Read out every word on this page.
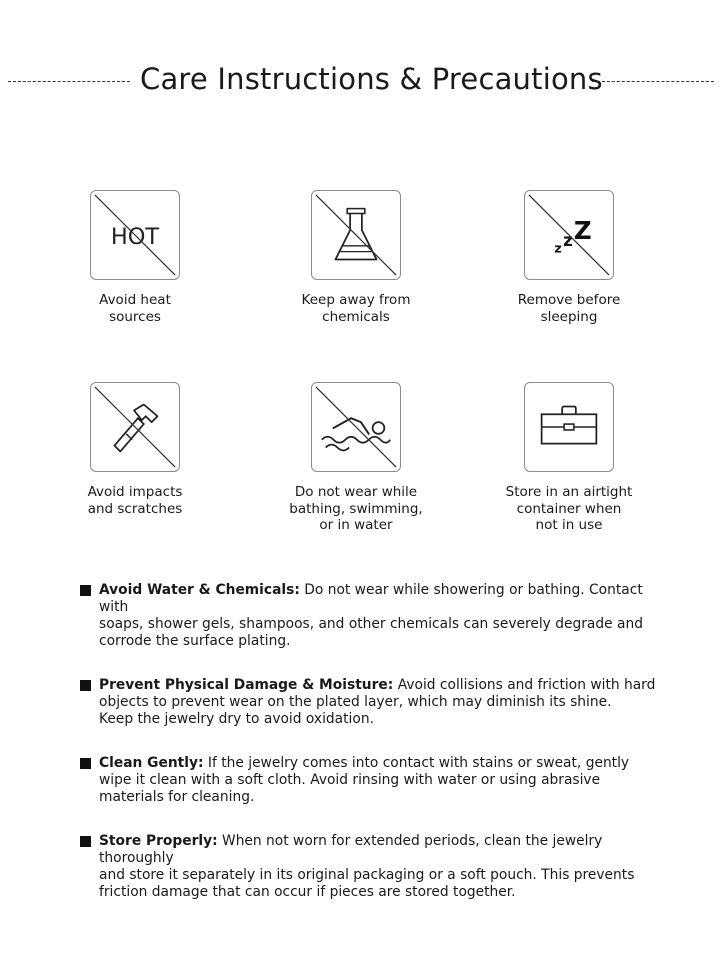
Care Instructions & Precautions
HOT
Avoid heat
sources
Keep away from
chemicals
z z Z
Remove before
sleeping
Avoid impacts
and scratches
Do not wear while
bathing, swimming,
or in water
Store in an airtight
container when
not in use
Avoid Water & Chemicals: Do not wear while showering or bathing. Contact with
soaps, shower gels, shampoos, and other chemicals can severely degrade and
corrode the surface plating.
Prevent Physical Damage & Moisture: Avoid collisions and friction with hard
objects to prevent wear on the plated layer, which may diminish its shine.
Keep the jewelry dry to avoid oxidation.
Clean Gently: If the jewelry comes into contact with stains or sweat, gently
wipe it clean with a soft cloth. Avoid rinsing with water or using abrasive
materials for cleaning.
Store Properly: When not worn for extended periods, clean the jewelry thoroughly
and store it separately in its original packaging or a soft pouch. This prevents
friction damage that can occur if pieces are stored together.
